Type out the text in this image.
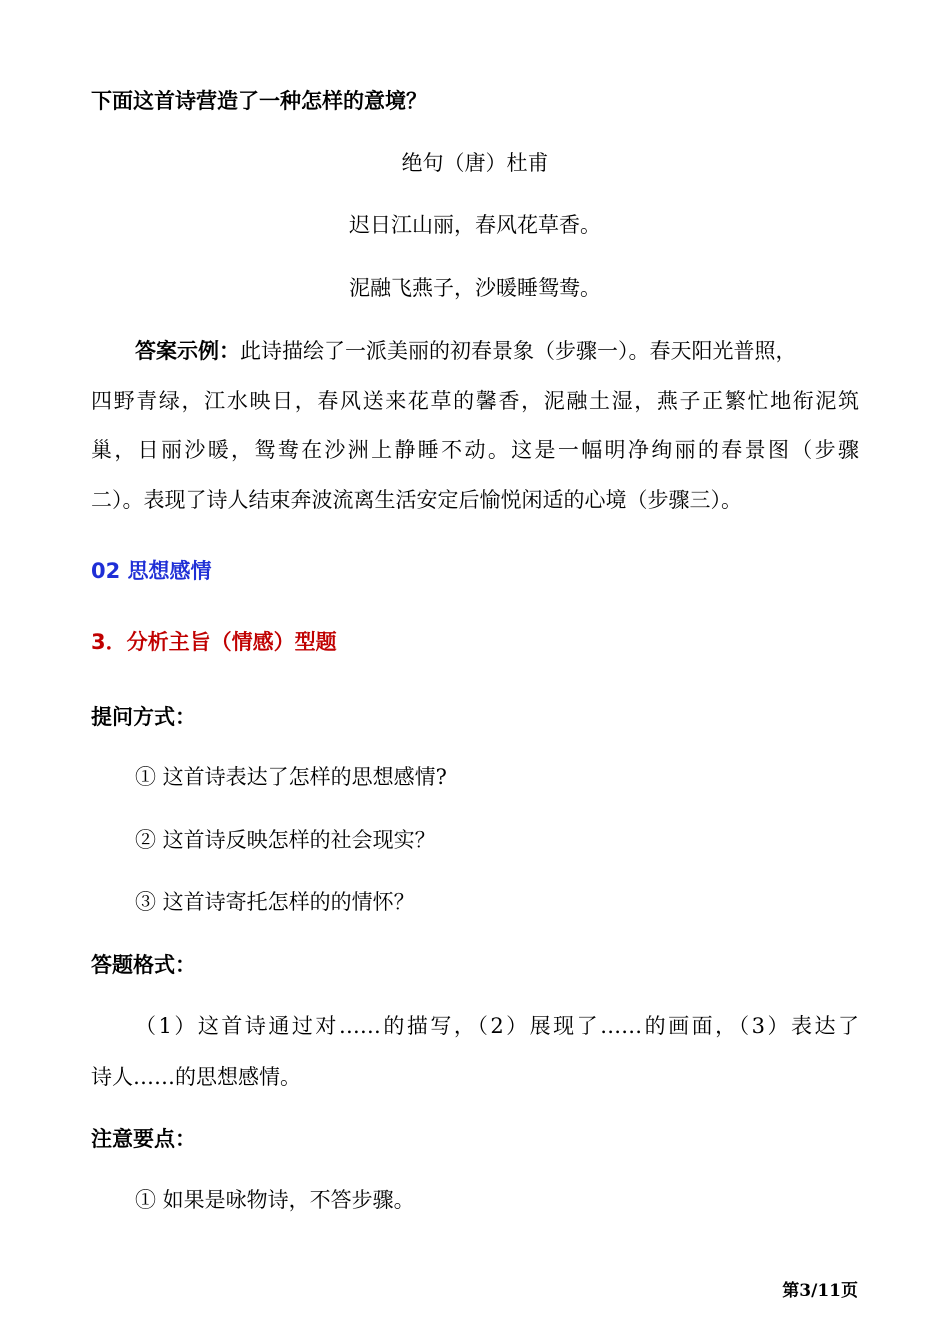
下面这首诗营造了一种怎样的意境？
绝句（唐）杜甫
迟日江山丽，春风花草香。
泥融飞燕子，沙暖睡鸳鸯。
答案示例：此诗描绘了一派美丽的初春景象（步骤一）。春天阳光普照，
四野青绿，江水映日，春风送来花草的馨香，泥融土湿，燕子正繁忙地衔泥筑
巢，日丽沙暖，鸳鸯在沙洲上静睡不动。这是一幅明净绚丽的春景图（步骤
二）。表现了诗人结束奔波流离生活安定后愉悦闲适的心境（步骤三）。
02 思想感情
3．分析主旨（情感）型题
提问方式：
① 这首诗表达了怎样的思想感情?
② 这首诗反映怎样的社会现实？
③ 这首诗寄托怎样的的情怀？
答题格式：
（1）这首诗通过对……的描写，（2）展现了……的画面，（3）表达了
诗人……的思想感情。
注意要点：
① 如果是咏物诗，不答步骤。
第3/11页
